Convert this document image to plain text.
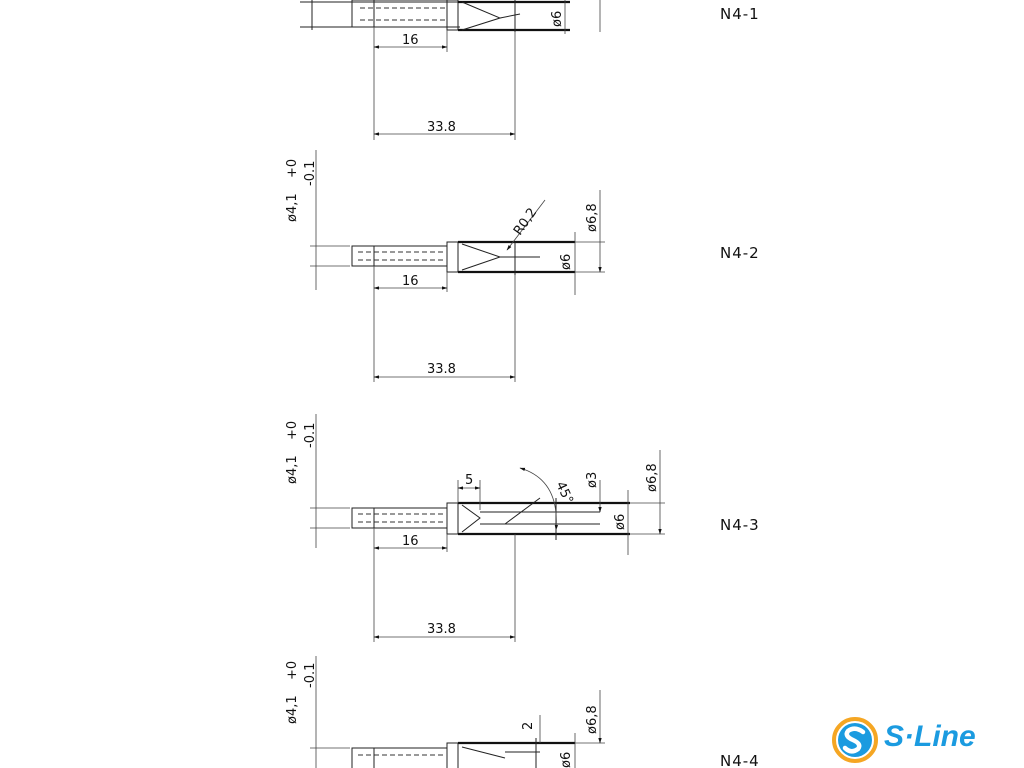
ø6
16
33.8
N4-1
ø4,1
+0 -0.1
R0,2	ø6,8
ø6
16
33.8
N4-2
ø4,1
+0 -0.1
5	45° ø3	ø6,8
ø6
16
33.8
N4-3
ø4,1
+0 -0.1
2	ø6,8
ø6	N4-4
S·Line
